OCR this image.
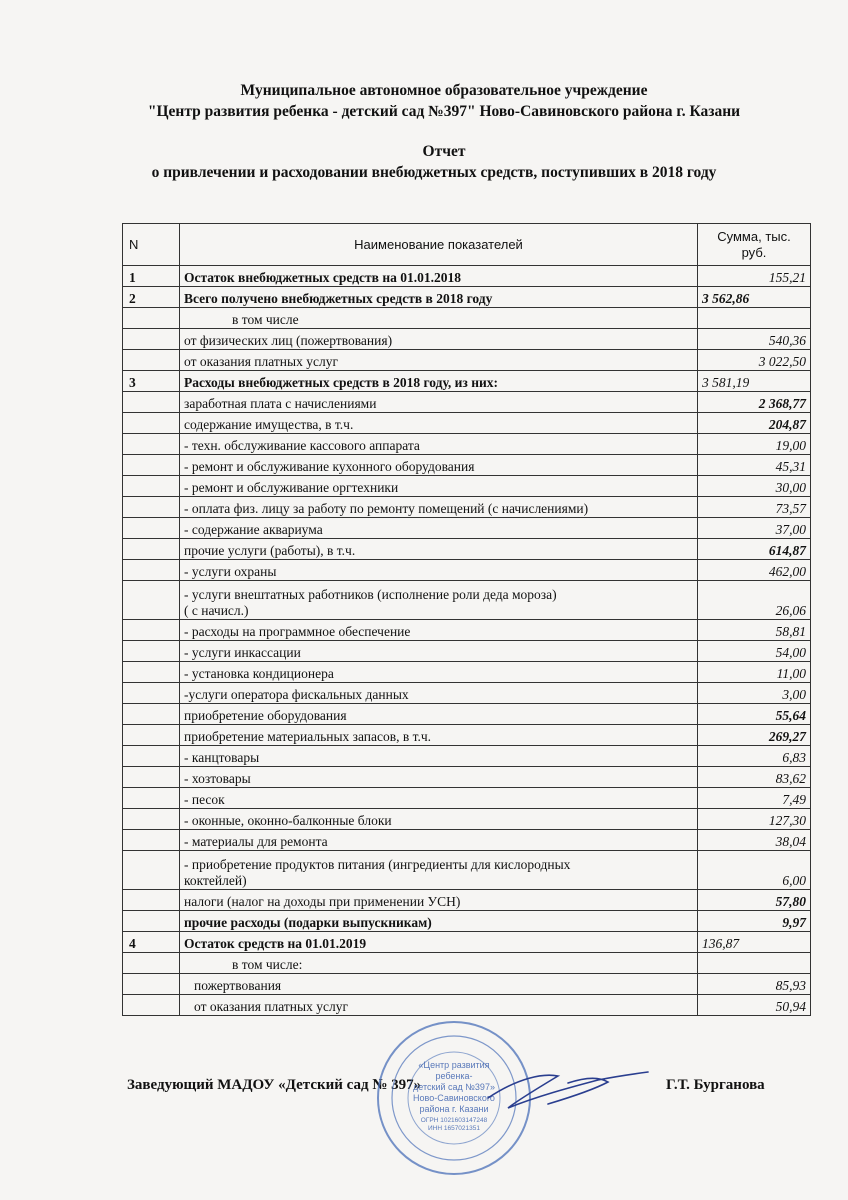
Муниципальное автономное образовательное учреждение
"Центр развития ребенка - детский сад №397" Ново-Савиновского района г. Казани
Отчет
о привлечении и расходовании внебюджетных средств, поступивших в 2018 году
N	Наименование показателей	Сумма, тыс.
руб.
1	Остаток внебюджетных средств на 01.01.2018	155,21
2	Всего получено внебюджетных средств в 2018 году	3 562,86
	в том числе	
	от физических лиц (пожертвования)	540,36
	от оказания платных услуг	3 022,50
3	Расходы внебюджетных средств в 2018 году, из них:	3 581,19
	заработная плата с начислениями	2 368,77
	содержание имущества, в т.ч.	204,87
	- техн. обслуживание кассового аппарата	19,00
	- ремонт и обслуживание кухонного оборудования	45,31
	- ремонт и обслуживание оргтехники	30,00
	- оплата физ. лицу за работу по ремонту помещений (с начислениями)	73,57
	- содержание аквариума	37,00
	прочие услуги (работы), в т.ч.	614,87
	- услуги охраны	462,00
	- услуги внештатных работников (исполнение роли деда мороза)
( с начисл.)	26,06
	- расходы на программное обеспечение	58,81
	- услуги инкассации	54,00
	- установка кондиционера	11,00
	-услуги оператора фискальных данных	3,00
	приобретение оборудования	55,64
	приобретение материальных запасов, в т.ч.	269,27
	- канцтовары	6,83
	- хозтовары	83,62
	- песок	7,49
	- оконные, оконно-балконные блоки	127,30
	- материалы для ремонта	38,04
	- приобретение продуктов питания (ингредиенты для кислородных
коктейлей)	6,00
	налоги (налог на доходы при применении УСН)	57,80
	прочие расходы (подарки выпускникам)	9,97
4	Остаток средств на 01.01.2019	136,87
	в том числе:	
	пожертвования	85,93
	от оказания платных услуг	50,94
Заведующий МАДОУ «Детский сад № 397»	Г.Т. Бурганова
«Центр развития
ребенка-
детский сад №397»
Ново-Савиновского
района г. Казани
ОГРН 1021603147248
ИНН 1657021351
